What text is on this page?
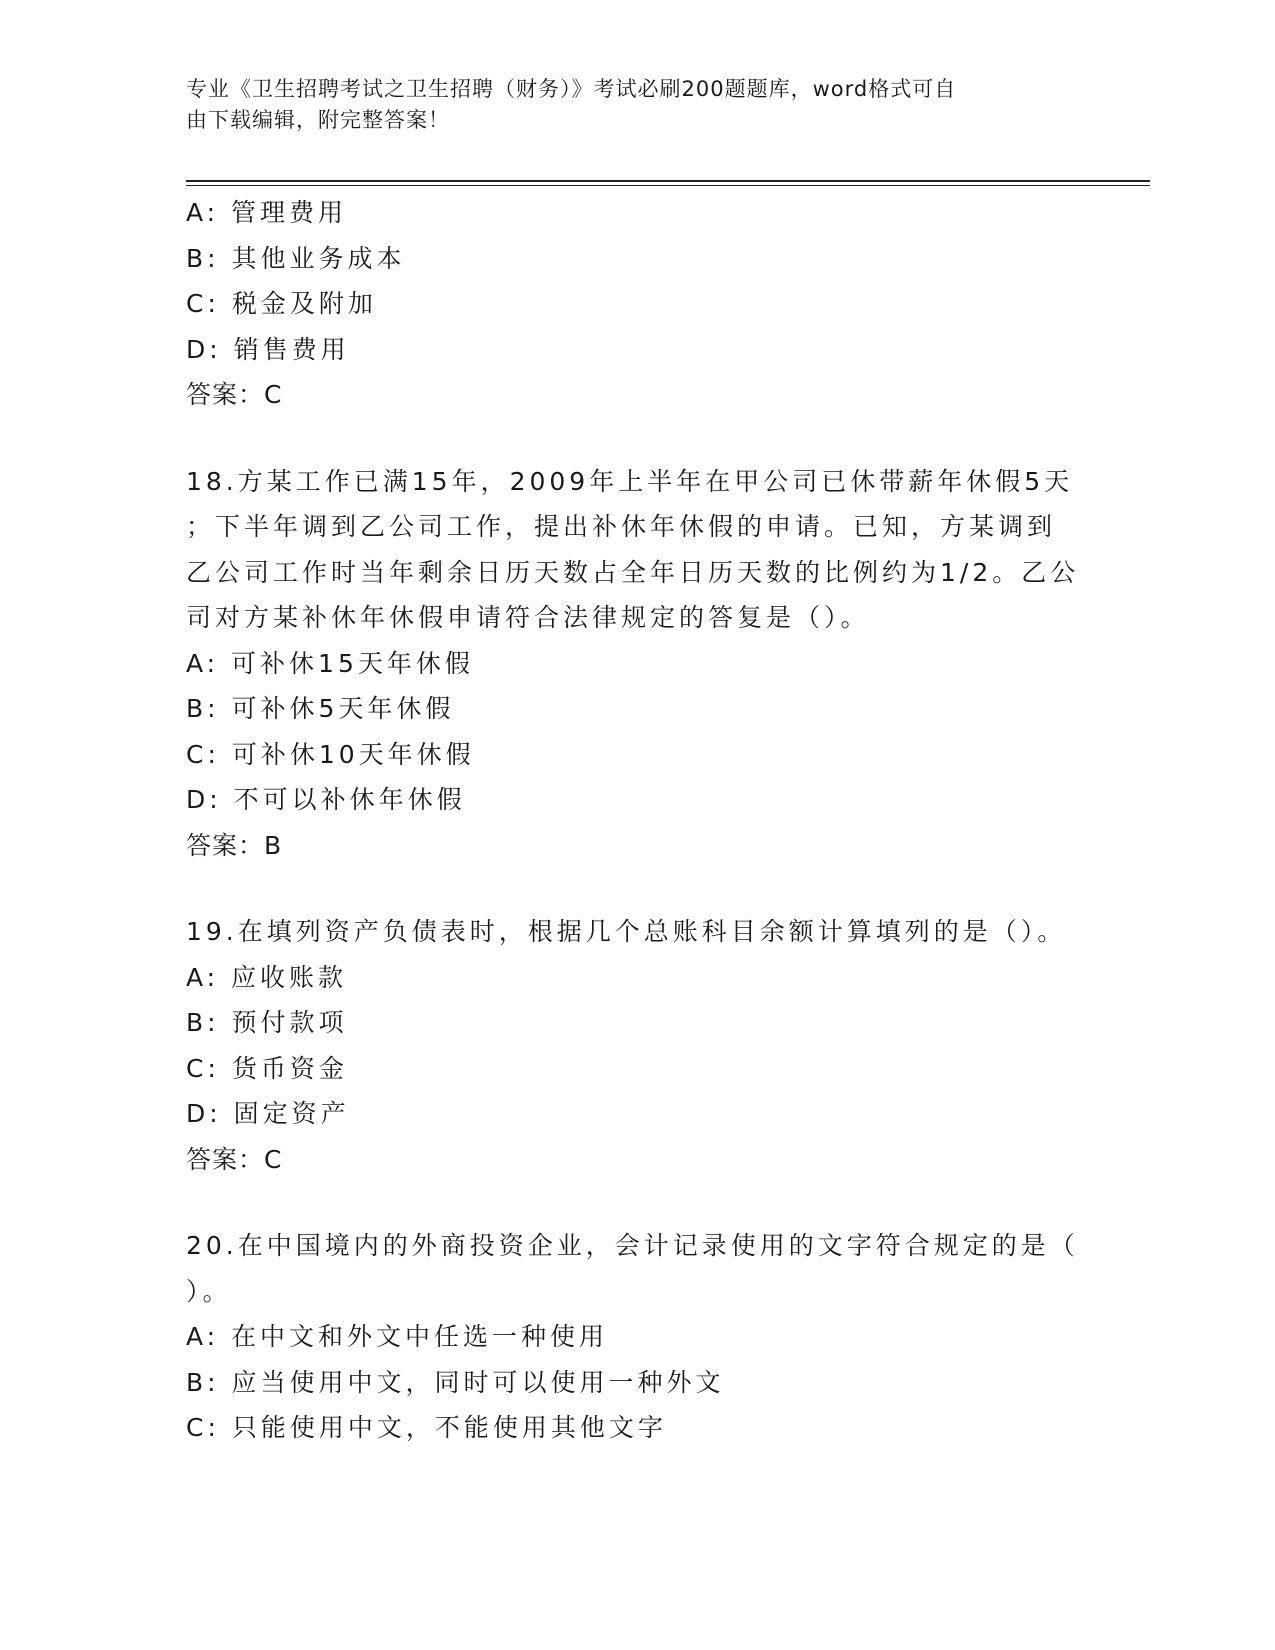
专业《卫生招聘考试之卫生招聘（财务）》考试必刷200题题库，word格式可自
由下载编辑，附完整答案！
A: 管理费用
B: 其他业务成本
C: 税金及附加
D: 销售费用
答案：C
18.方某工作已满15年，2009年上半年在甲公司已休带薪年休假5天
；下半年调到乙公司工作，提出补休年休假的申请。已知，方某调到
乙公司工作时当年剩余日历天数占全年日历天数的比例约为1/2。乙公
司对方某补休年休假申请符合法律规定的答复是（）。
A: 可补休15天年休假
B: 可补休5天年休假
C: 可补休10天年休假
D: 不可以补休年休假
答案：B
19.在填列资产负债表时，根据几个总账科目余额计算填列的是（）。
A: 应收账款
B: 预付款项
C: 货币资金
D: 固定资产
答案：C
20.在中国境内的外商投资企业，会计记录使用的文字符合规定的是（
）。
A: 在中文和外文中任选一种使用
B: 应当使用中文，同时可以使用一种外文
C: 只能使用中文，不能使用其他文字
